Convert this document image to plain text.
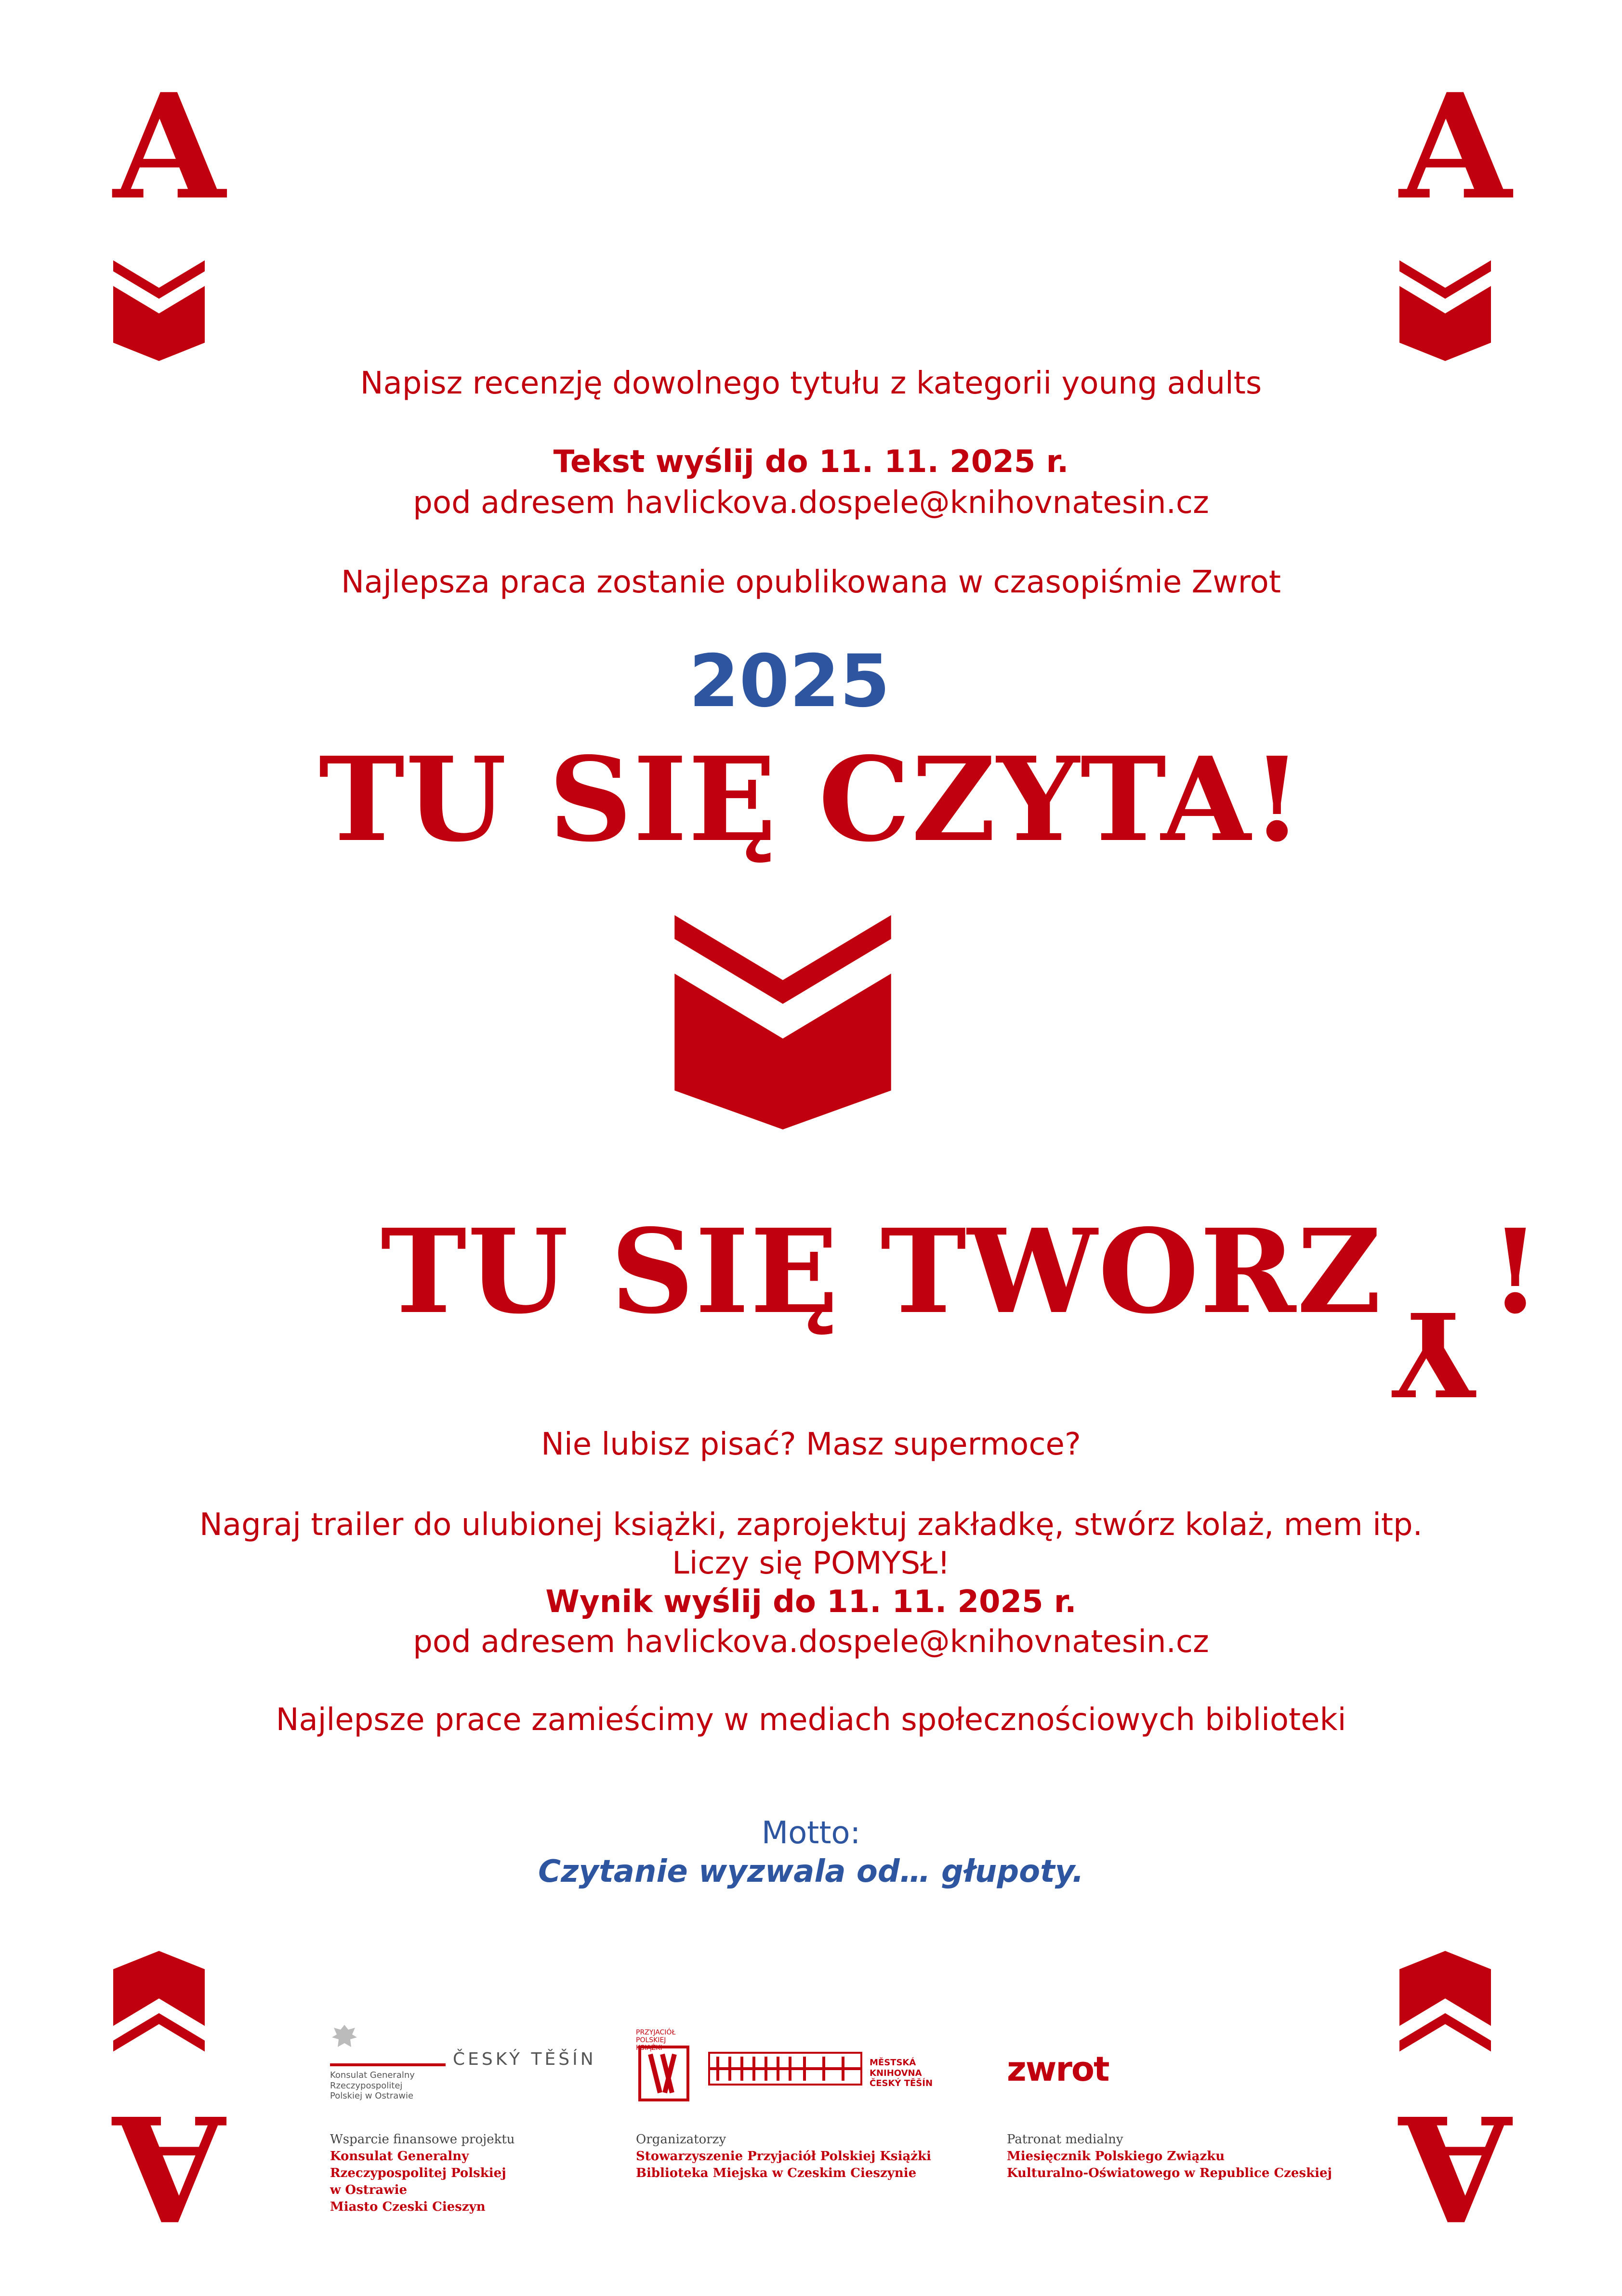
A	A
A	A
Napisz recenzję dowolnego tytułu z kategorii young adults
Tekst wyślij do 11. 11. 2025 r.
pod adresem havlickova.dospele@knihovnatesin.cz
Najlepsza praca zostanie opublikowana w czasopiśmie Zwrot
2025
TU SIĘ CZYTA!
TU SIĘ TWORZY!
Nie lubisz pisać? Masz supermoce?
Nagraj trailer do ulubionej książki, zaprojektuj zakładkę, stwórz kolaż, mem itp.
Liczy się POMYSŁ!
Wynik wyślij do 11. 11. 2025 r.
pod adresem havlickova.dospele@knihovnatesin.cz
Najlepsze prace zamieścimy w mediach społecznościowych biblioteki
Motto:
Czytanie wyzwala od… głupoty.
Konsulat Generalny Rzeczypospolitej Polskiej w Ostrawie
ČESKÝ TĚŠÍN
PRZYJACIÓŁ POLSKIEJ KSIĄŻKI
MĚSTSKÁ KNIHOVNA ČESKÝ TĚŠÍN zwrot
Wsparcie finansowe projektu
Konsulat Generalny
Rzeczypospolitej Polskiej
w Ostrawie
Miasto Czeski Cieszyn
Organizatorzy
Stowarzyszenie Przyjaciół Polskiej Książki
Biblioteka Miejska w Czeskim Cieszynie
Patronat medialny
Miesięcznik Polskiego Związku
Kulturalno-Oświatowego w Republice Czeskiej
